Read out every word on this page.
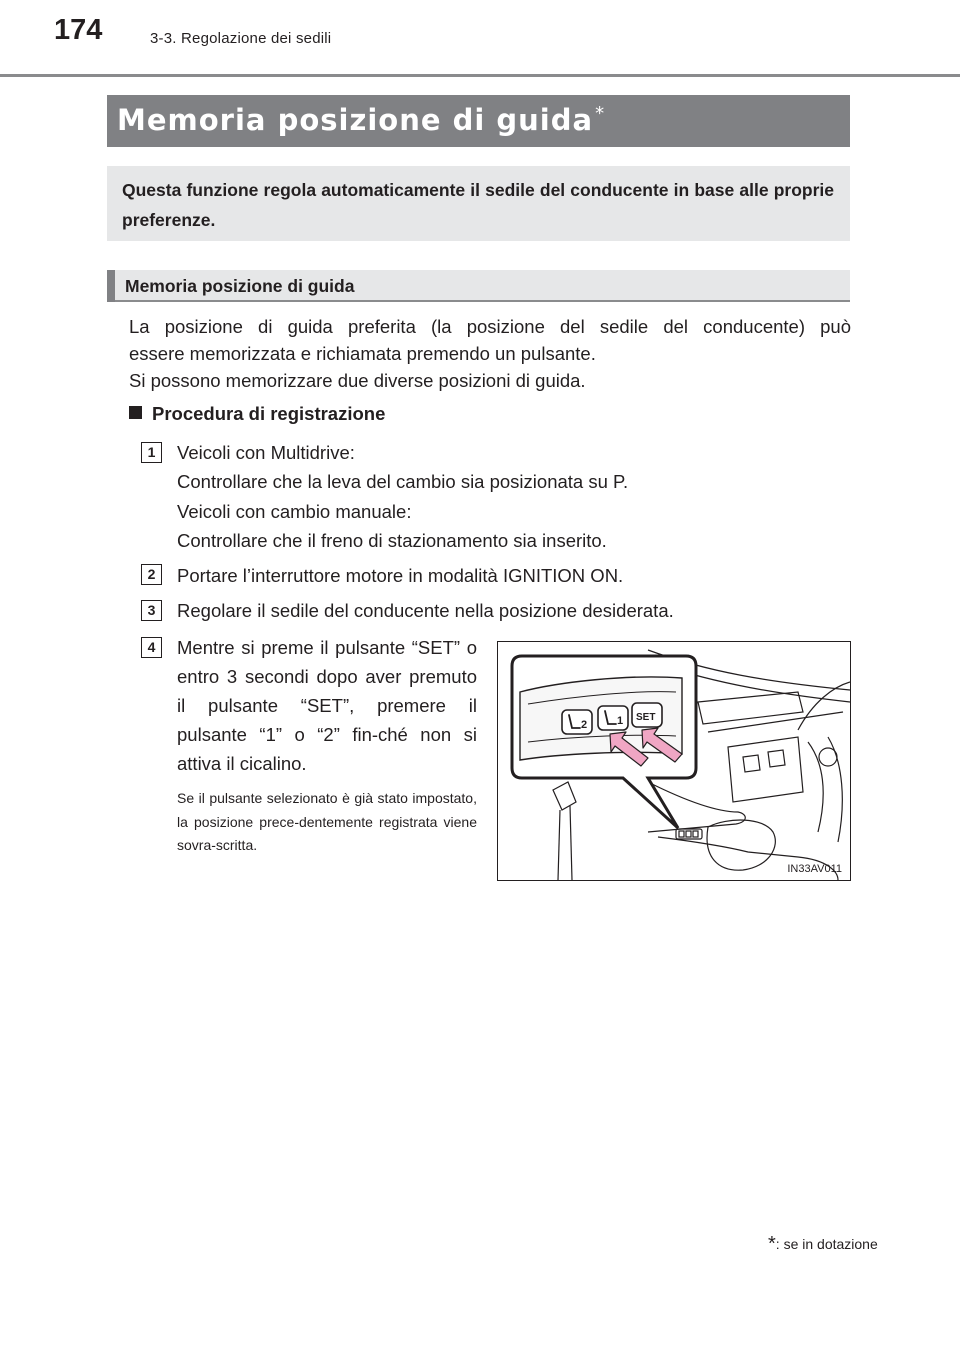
174	3-3. Regolazione dei sedili
Memoria posizione di guida *
Questa funzione regola automaticamente il sedile del conducente in base alle proprie preferenze.
Memoria posizione di guida
La posizione di guida preferita (la posizione del sedile del conducente) può
essere memorizzata e richiamata premendo un pulsante.
Si possono memorizzare due diverse posizioni di guida.
Procedura di registrazione
1	Veicoli con Multidrive:
Controllare che la leva del cambio sia posizionata su P.
Veicoli con cambio manuale:
Controllare che il freno di stazionamento sia inserito.
2	Portare l’interruttore motore in modalità IGNITION ON.
3	Regolare il sedile del conducente nella posizione desiderata.
4	Mentre si preme il pulsante “SET” o entro 3 secondi dopo aver premuto il pulsante “SET”, premere il pulsante “1” o “2” fin-ché non si attiva il cicalino.
Se il pulsante selezionato è già stato impostato, la posizione prece-dentemente registrata viene sovra-scritta.
2	1 SET
IN33AV011
*: se in dotazione
